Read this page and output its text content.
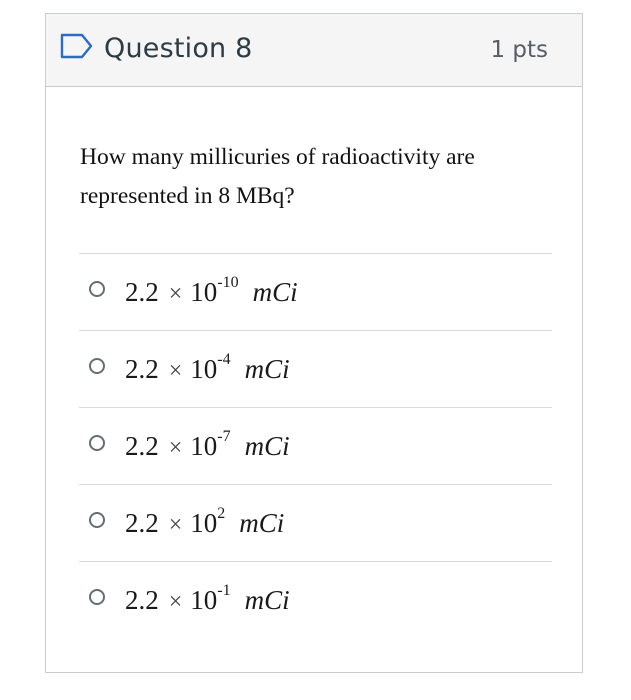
Question 8	1 pts
How many millicuries of radioactivity are represented in 8 MBq?
$2.2 \times 10^{-10}$ mCi
$2.2 \times 10^{-4}$ mCi
$2.2 \times 10^{-7}$ mCi
$2.2 \times 10^2$ mCi
$2.2 \times 10^{-1}$ mCi
